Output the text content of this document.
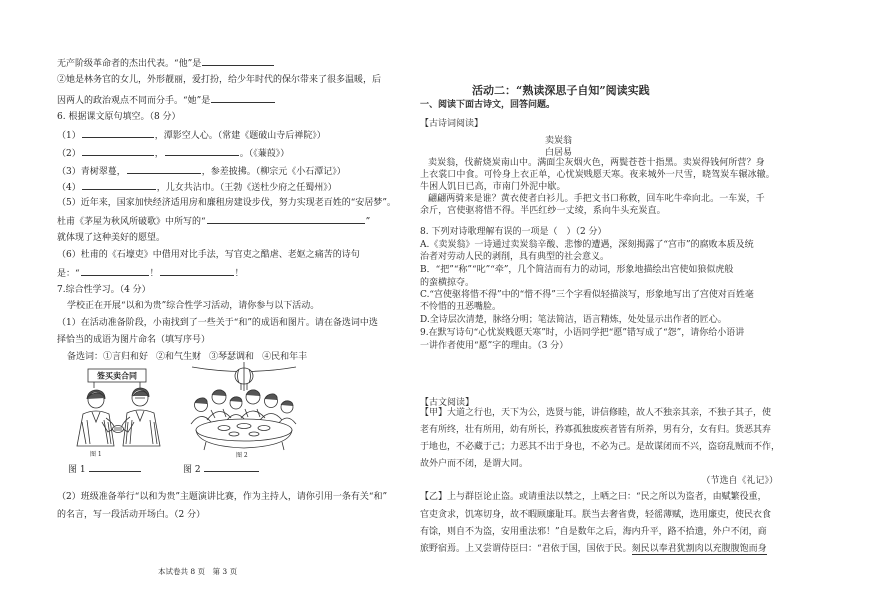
无产阶级革命者的杰出代表。“他”是
②她是林务官的女儿，外形靓丽，爱打扮，给少年时代的保尔带来了很多温暖，后
因两人的政治观点不同而分手。“她”是
6. 根据课文原句填空。（8 分）
（1）	，潭影空人心。（常建《题破山寺后禅院》）
（2）	，	。（《蒹葭》）
（3）青树翠蔓，	，参差披拂。（柳宗元《小石潭记》）
（4）	，儿女共沾巾。（王勃《送杜少府之任蜀州》）
（5）近年来，国家加快经济适用房和廉租房建设步伐，努力实现老百姓的“安居梦”。
杜甫《茅屋为秋风所破歌》中所写的“	”
就体现了这种美好的愿望。
（6）杜甫的《石壕吏》中借用对比手法，写官吏之酷虐、老妪之痛苦的诗句
是：“	！	！
7.综合性学习。（4 分）
学校正在开展“以和为贵”综合性学习活动，请你参与以下活动。
（1）在活动准备阶段，小南找到了一些关于“和”的成语和图片。请在备选词中选
择恰当的成语为图片命名（填写序号）
备选词：①言归和好 ②和气生财 ③琴瑟调和 ④民和年丰
签买卖合同
图 1	图 2
图 1	图 2
（2）班级准备举行“以和为贵”主题演讲比赛，作为主持人，请你引用一条有关“和”
的名言，写一段活动开场白。（2 分）
本试卷共 8 页　第 3 页
活动二：“熟读深思子自知”阅读实践
一、阅读下面古诗文，回答问题。
【古诗词阅读】
卖炭翁
白居易
卖炭翁，伐薪烧炭南山中。满面尘灰烟火色，两鬓苍苍十指黑。卖炭得钱何所营？身
上衣裳口中食。可怜身上衣正单，心忧炭贱愿天寒。夜来城外一尺雪，晓驾炭车辗冰辙。
牛困人饥日已高，市南门外泥中歇。
翩翩两骑来是谁？黄衣使者白衫儿。手把文书口称敕，回车叱牛牵向北。一车炭，千
余斤，宫使驱将惜不得。半匹红纱一丈绫，系向牛头充炭直。
8. 下列对诗歌理解有误的一项是（　）（2 分）
A.《卖炭翁》一诗通过卖炭翁辛酸、悲惨的遭遇，深刻揭露了“宫市”的腐败本质及统
治者对劳动人民的剥削，具有典型的社会意义。
B．“把”“称”“叱”“牵”，几个简洁而有力的动词，形象地描绘出宫使如狼似虎般
的蛮横掠夺。
C.“宫使驱将惜不得”中的“惜不得”三个字看似轻描淡写，形象地写出了宫使对百姓毫
不怜惜的丑恶嘴脸。
D.全诗层次清楚，脉络分明；笔法简洁，语言精炼，处处显示出作者的匠心。
9.在默写诗句“心忧炭贱愿天寒”时，小语同学把“愿”错写成了“怨”，请你给小语讲
一讲作者使用“愿”字的理由。（3 分）
【古文阅读】
【甲】大道之行也，天下为公，选贤与能，讲信修睦，故人不独亲其亲，不独子其子，使
老有所终，壮有所用，幼有所长，矜寡孤独废疾者皆有所养，男有分，女有归。货恶其弃
于地也，不必藏于己；力恶其不出于身也，不必为己。是故谋闭而不兴，盗窃乱贼而不作，
故外户而不闭，是谓大同。
（节选自《礼记》）
【乙】上与群臣论止盗。或请重法以禁之，上哂之曰：“民之所以为盗者，由赋繁役重，
官吏贪求，饥寒切身，故不暇顾廉耻耳。朕当去奢省费，轻徭薄赋，选用廉吏，使民衣食
有馀，则自不为盗，安用重法邪！”自是数年之后，海内升平，路不拾遗，外户不闭，商
旅野宿焉。上又尝谓侍臣曰：“君依于国，国依于民。刻民以奉君犹割肉以充腹腹饱而身
